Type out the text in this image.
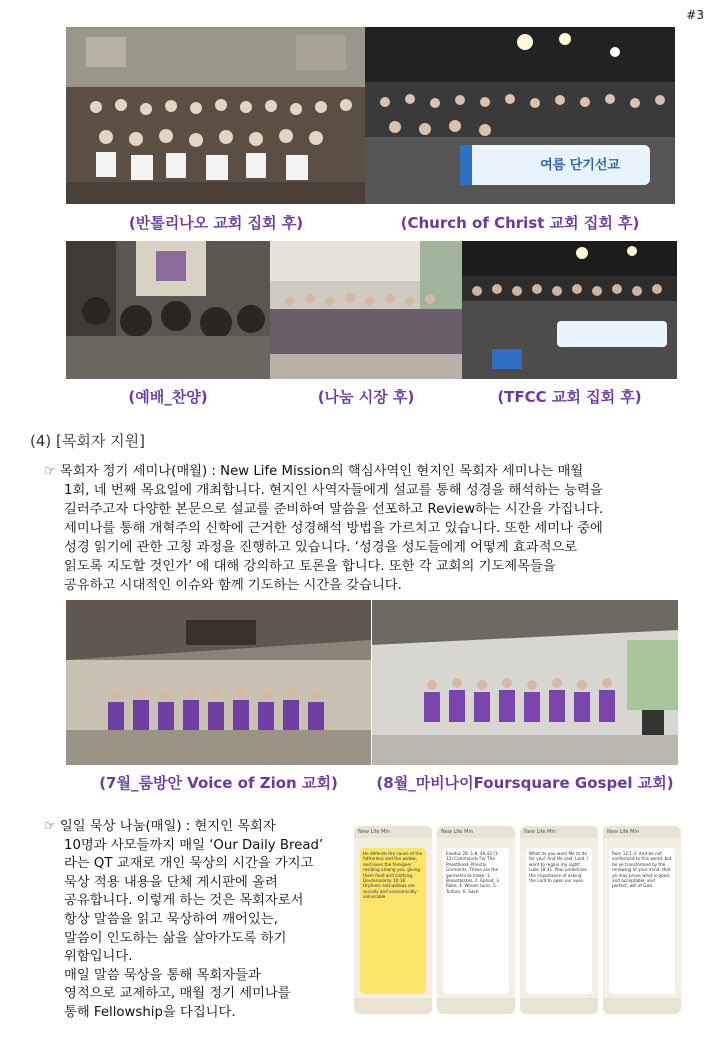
#3
여름 단기선교
(반톨리나오 교회 집회 후)	(Church of Christ 교회 집회 후)
(예배_찬양)	(나눔 시장 후)	(TFCC 교회 집회 후)
(4) [목회자 지원]
☞ 목회자 정기 세미나(매월) : New Life Mission의 핵심사역인 현지인 목회자 세미나는 매월
1회, 네 번째 목요일에 개최합니다. 현지인 사역자들에게 설교를 통해 성경을 해석하는 능력을
길러주고자 다양한 본문으로 설교를 준비하여 말씀을 선포하고 Review하는 시간을 가집니다.
세미나를 통해 개혁주의 신학에 근거한 성경해석 방법을 가르치고 있습니다. 또한 세미나 중에
성경 읽기에 관한 고칭 과정을 진행하고 있습니다. ‘성경을 성도들에게 어떻게 효과적으로
읽도록 지도할 것인가’ 에 대해 강의하고 토론을 합니다. 또한 각 교회의 기도제목들을
공유하고 시대적인 이슈와 함께 기도하는 시간을 갖습니다.
(7월_룸방안 Voice of Zion 교회)	(8월_마비나이Foursquare Gospel 교회)
☞ 일일 묵상 나눔(매일) : 현지인 목회자
10명과 사모들까지 매일 ‘Our Daily Bread’
라는 QT 교재로 개인 묵상의 시간을 가지고
묵상 적용 내용을 단체 게시판에 올려
공유합니다. 이렇게 하는 것은 목회자로서
항상 말씀을 읽고 묵상하여 깨어있는,
말씀이 인도하는 삶을 살아가도록 하기
위함입니다.
매일 말씀 묵상을 통해 목회자들과
영적으로 교제하고, 매월 정기 세미나를
통해 Fellowship을 다집니다.
New Life Min
He defends the cause of the fatherless and the widow, and loves the foreigner residing among you, giving them food and clothing. Deuteronomy 10:18. Orphans and widows are socially and economically vulnerable.
New Life Min
Exodus 28: 1-8, 40,43 (1-12) Commands For The Priesthood. Priestly Garments. These are the garments to make: 1. Breastplates, 2. Ephod, 3. Robe, 4. Woven tunic, 5. Turban, 6. Sash.
New Life Min
What do you want Me to do for you? And He said, Lord, I want to regain my sight! Luke 18:41. Paul underlines the importance of asking the Lord to open our eyes.
New Life Min
Rom 12:1-2. And be not conformed to this world: but be ye transformed by the renewing of your mind, that ye may prove what is good, and acceptable, and perfect, will of God.
